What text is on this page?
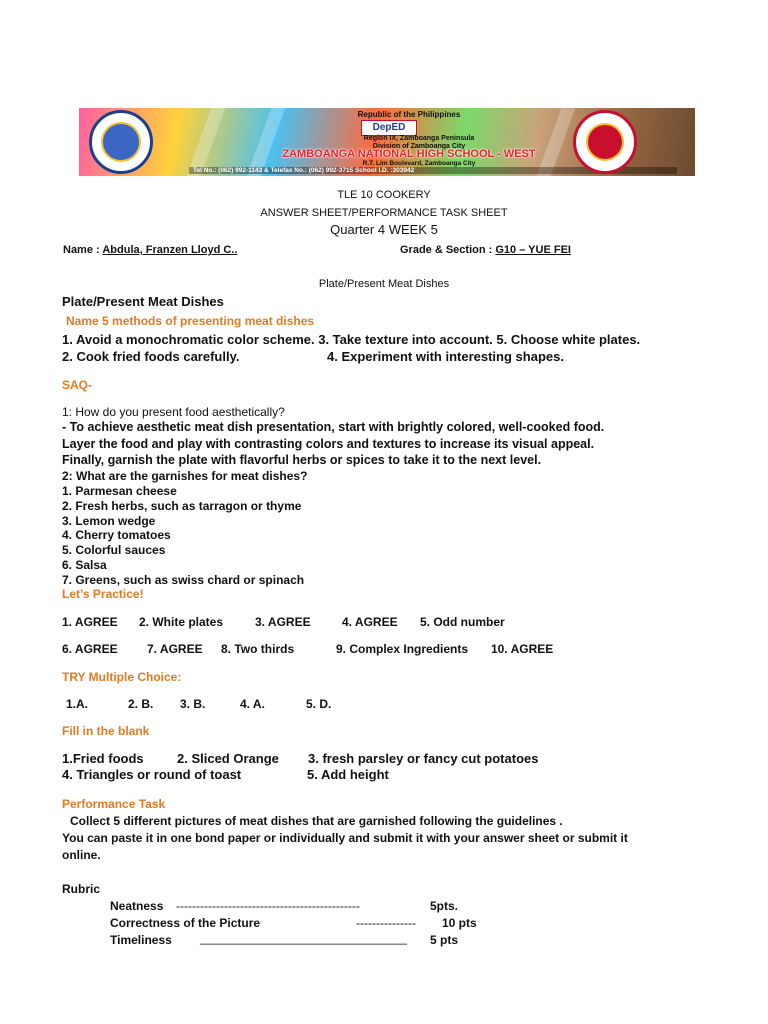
Republic of the Philippines
DepED
Region IX, Zamboanga Peninsula
Division of Zamboanga City
ZAMBOANGA NATIONAL HIGH SCHOOL - WEST
R.T. Lim Boulevard, Zamboanga City
Tel No.: (062) 992-1143 & Telefax No.: (062) 992-3715 School I.D. :303942
TLE 10 COOKERY
ANSWER SHEET/PERFORMANCE TASK SHEET
Quarter 4 WEEK 5
Name : Abdula, Franzen Lloyd C..	Grade & Section : G10 – YUE FEI
Plate/Present Meat Dishes
Plate/Present Meat Dishes
Name 5 methods of presenting meat dishes
1. Avoid a monochromatic color scheme. 3. Take texture into account. 5. Choose white plates.
2. Cook fried foods carefully.	4. Experiment with interesting shapes.
SAQ-
1: How do you present food aesthetically?
- To achieve aesthetic meat dish presentation, start with brightly colored, well-cooked food.
Layer the food and play with contrasting colors and textures to increase its visual appeal.
Finally, garnish the plate with flavorful herbs or spices to take it to the next level.
2: What are the garnishes for meat dishes?
1. Parmesan cheese
2. Fresh herbs, such as tarragon or thyme
3. Lemon wedge
4. Cherry tomatoes
5. Colorful sauces
6. Salsa
7. Greens, such as swiss chard or spinach
Let’s Practice!
1. AGREE 2. White plates	3. AGREE	4. AGREE 5. Odd number
6. AGREE 7. AGREE 8. Two thirds	9. Complex Ingredients 10. AGREE
TRY Multiple Choice:
1.A.	2. B. 3. B.	4. A.	5. D.
Fill in the blank
1.Fried foods	2. Sliced Orange 3. fresh parsley or fancy cut potatoes
4. Triangles or round of toast	5. Add height
Performance Task
Collect 5 different pictures of meat dishes that are garnished following the guidelines .
You can paste it in one bond paper or individually and submit it with your answer sheet or submit it
online.
Rubric
Neatness ----------------------------------------------	5pts.
Correctness of the Picture	--------------- 10 pts
Timeliness _______________________________ 5 pts
